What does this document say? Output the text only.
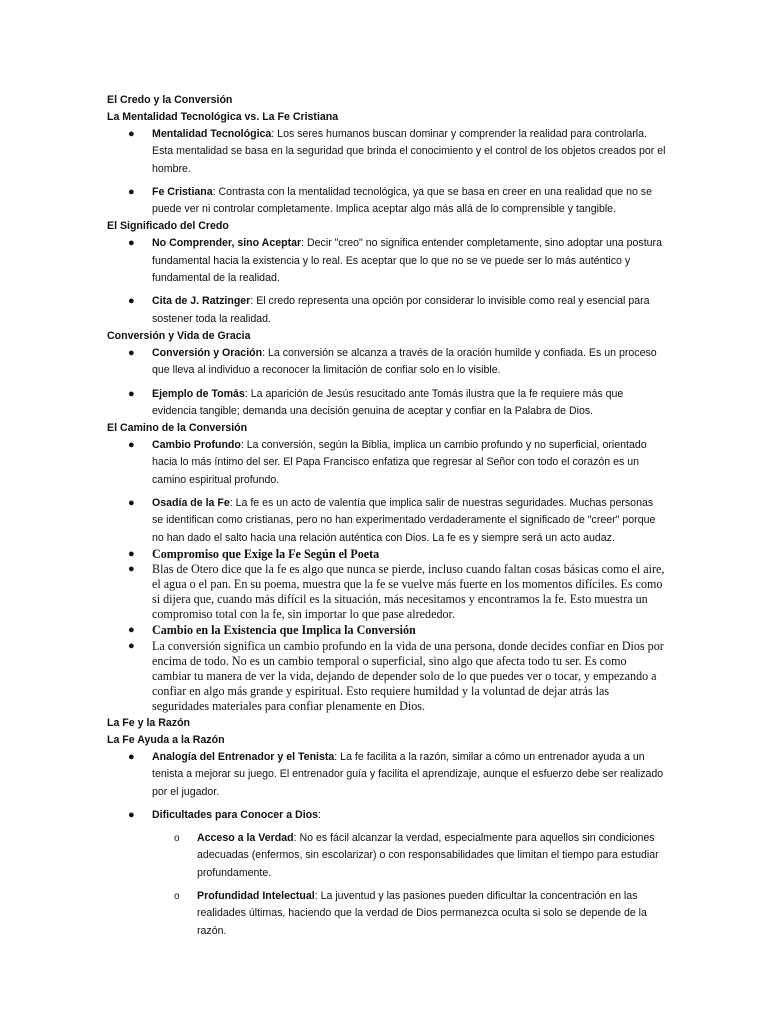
El Credo y la Conversión

La Mentalidad Tecnológica vs. La Fe Cristiana

● Mentalidad Tecnológica: Los seres humanos buscan dominar y comprender la realidad para controlarla. Esta mentalidad se basa en la seguridad que brinda el conocimiento y el control de los objetos creados por el hombre.
● Fe Cristiana: Contrasta con la mentalidad tecnológica, ya que se basa en creer en una realidad que no se puede ver ni controlar completamente. Implica aceptar algo más allá de lo comprensible y tangible.

El Significado del Credo

● No Comprender, sino Aceptar: Decir "creo" no significa entender completamente, sino adoptar una postura fundamental hacia la existencia y lo real. Es aceptar que lo que no se ve puede ser lo más auténtico y fundamental de la realidad.
● Cita de J. Ratzinger: El credo representa una opción por considerar lo invisible como real y esencial para sostener toda la realidad.

Conversión y Vida de Gracia

● Conversión y Oración: La conversión se alcanza a través de la oración humilde y confiada. Es un proceso que lleva al individuo a reconocer la limitación de confiar solo en lo visible.
● Ejemplo de Tomás: La aparición de Jesús resucitado ante Tomás ilustra que la fe requiere más que evidencia tangible; demanda una decisión genuina de aceptar y confiar en la Palabra de Dios.

El Camino de la Conversión

● Cambio Profundo: La conversión, según la Biblia, implica un cambio profundo y no superficial, orientado hacia lo más íntimo del ser. El Papa Francisco enfatiza que regresar al Señor con todo el corazón es un camino espiritual profundo.
● Osadía de la Fe: La fe es un acto de valentía que implica salir de nuestras seguridades. Muchas personas se identifican como cristianas, pero no han experimentado verdaderamente el significado de "creer" porque no han dado el salto hacia una relación auténtica con Dios. La fe es y siempre será un acto audaz.
● Compromiso que Exige la Fe Según el Poeta
● Blas de Otero dice que la fe es algo que nunca se pierde, incluso cuando faltan cosas básicas como el aire, el agua o el pan. En su poema, muestra que la fe se vuelve más fuerte en los momentos difíciles. Es como si dijera que, cuando más difícil es la situación, más necesitamos y encontramos la fe. Esto muestra un compromiso total con la fe, sin importar lo que pase alrededor.
● Cambio en la Existencia que Implica la Conversión
● La conversión significa un cambio profundo en la vida de una persona, donde decides confiar en Dios por encima de todo. No es un cambio temporal o superficial, sino algo que afecta todo tu ser. Es como cambiar tu manera de ver la vida, dejando de depender solo de lo que puedes ver o tocar, y empezando a confiar en algo más grande y espiritual. Esto requiere humildad y la voluntad de dejar atrás las seguridades materiales para confiar plenamente en Dios.

La Fe y la Razón

La Fe Ayuda a la Razón

● Analogía del Entrenador y el Tenista: La fe facilita a la razón, similar a cómo un entrenador ayuda a un tenista a mejorar su juego. El entrenador guía y facilita el aprendizaje, aunque el esfuerzo debe ser realizado por el jugador.
● Dificultades para Conocer a Dios:
o Acceso a la Verdad: No es fácil alcanzar la verdad, especialmente para aquellos sin condiciones adecuadas (enfermos, sin escolarizar) o con responsabilidades que limitan el tiempo para estudiar profundamente.
o Profundidad Intelectual: La juventud y las pasiones pueden dificultar la concentración en las realidades últimas, haciendo que la verdad de Dios permanezca oculta si solo se depende de la razón.
